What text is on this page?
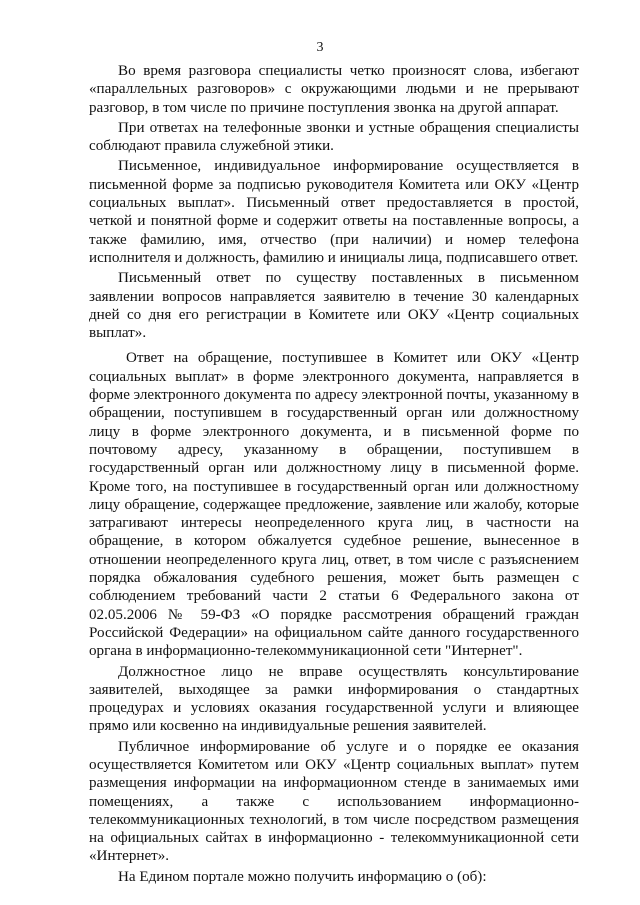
3

Во время разговора специалисты четко произносят слова, избегают «параллельных разговоров» с окружающими людьми и не прерывают разговор, в том числе по причине поступления звонка на другой аппарат.

При ответах на телефонные звонки и устные обращения специалисты соблюдают правила служебной этики.

Письменное, индивидуальное информирование осуществляется в письменной форме за подписью руководителя Комитета или ОКУ «Центр социальных выплат». Письменный ответ предоставляется в простой, четкой и понятной форме и содержит ответы на поставленные вопросы, а также фамилию, имя, отчество (при наличии) и номер телефона исполнителя и должность, фамилию и инициалы лица, подписавшего ответ.

Письменный ответ по существу поставленных в письменном заявлении вопросов направляется заявителю в течение 30 календарных дней со дня его регистрации в Комитете или ОКУ «Центр социальных выплат».

Ответ на обращение, поступившее в Комитет или ОКУ «Центр социальных выплат» в форме электронного документа, направляется в форме электронного документа по адресу электронной почты, указанному в обращении, поступившем в государственный орган или должностному лицу в форме электронного документа, и в письменной форме по почтовому адресу, указанному в обращении, поступившем в государственный орган или должностному лицу в письменной форме. Кроме того, на поступившее в государственный орган или должностному лицу обращение, содержащее предложение, заявление или жалобу, которые затрагивают интересы неопределенного круга лиц, в частности на обращение, в котором обжалуется судебное решение, вынесенное в отношении неопределенного круга лиц, ответ, в том числе с разъяснением порядка обжалования судебного решения, может быть размещен с соблюдением требований части 2 статьи 6 Федерального закона от 02.05.2006 № 59-ФЗ «О порядке рассмотрения обращений граждан Российской Федерации» на официальном сайте данного государственного органа в информационно-телекоммуникационной сети "Интернет".

Должностное лицо не вправе осуществлять консультирование заявителей, выходящее за рамки информирования о стандартных процедурах и условиях оказания государственной услуги и влияющее прямо или косвенно на индивидуальные решения заявителей.

Публичное информирование об услуге и о порядке ее оказания осуществляется Комитетом или ОКУ «Центр социальных выплат» путем размещения информации на информационном стенде в занимаемых ими помещениях, а также с использованием информационно-телекоммуникационных технологий, в том числе посредством размещения на официальных сайтах в информационно - телекоммуникационной сети «Интернет».

На Едином портале можно получить информацию о (об):
